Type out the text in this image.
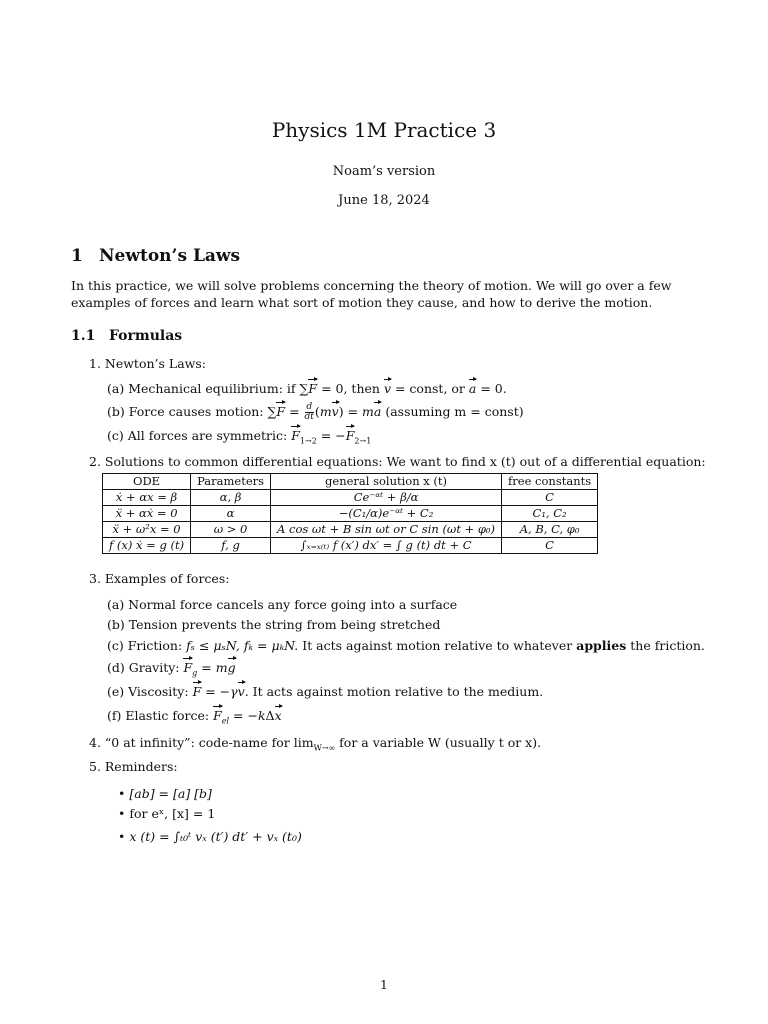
Physics 1M Practice 3
Noam’s version
June 18, 2024
1 Newton’s Laws
In this practice, we will solve problems concerning the theory of motion. We will go over a few examples of forces and learn what sort of motion they cause, and how to derive the motion.
1.1 Formulas
1. Newton’s Laws:
(a) Mechanical equilibrium: if ∑F = 0, then v = const, or a = 0.
(b) Force causes motion: $\sum F = \frac{d}{dt} (mv)$ = ma (assuming m = const)
(c) All forces are symmetric: $F_{1\to 2} = -F_{2\to 1}$
2. Solutions to common differential equations: We want to find x (t) out of a differential equation:
ODE	Parameters	general solution x (t)	free constants
ẋ + αx = β	α, β	Ce⁻ᵅᵗ + β/α	C
ẍ + αẋ = 0	α	−(C₁/α)e⁻ᵅᵗ + C₂	C₁, C₂
ẍ + ω²x = 0	ω > 0	A cos ωt + B sin ωt or C sin (ωt + φ₀)	A, B, C, φ₀
f (x) ẋ = g (t)	f, g	∫ₓ₌ₓ₍ₜ₎ f (x′) dx′ = ∫ g (t) dt + C	C
3. Examples of forces:
(a) Normal force cancels any force going into a surface
(b) Tension prevents the string from being stretched
(c) Friction: fₛ ≤ μₛN, fₖ = μₖN. It acts against motion relative to whatever applies the friction.
(d) Gravity: $F_g$ = mg
(e) Viscosity: F = −γv. It acts against motion relative to the medium.
(f) Elastic force: $F_{el} = -k\Delta x$
4. “0 at infinity”: code-name for $\lim_{W\to\infty}$ for a variable W (usually t or x).
5. Reminders:
• [ab] = [a] [b]
• for eˣ, [x] = 1
• x (t) = ∫ₜ₀ᵗ vₓ (t′) dt′ + vₓ (t₀)
1
